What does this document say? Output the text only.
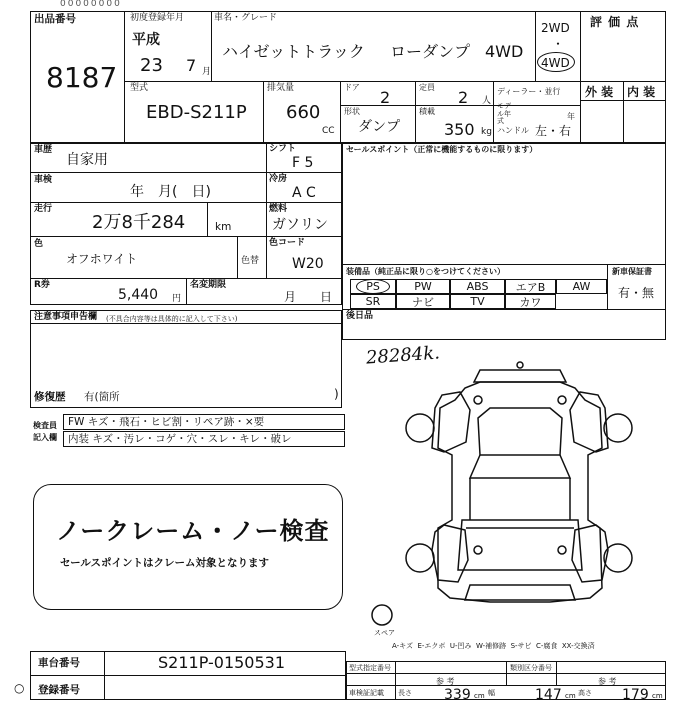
00000000
出品番号
8187
初度登録年月
平成
23 7 月
車名・グレード
ハイゼットトラック ローダンプ 4WD
2WD
・
4WD
評 価 点
外 装 内 装
型式
EBD-S211P
排気量
660
CC
ドア
2
定員
2 人
ディーラー・並行
モデル年式
年
形状
ダンプ
積載
350 kg ハンドル 左・右
車歴
自家用
車検
年　月(　日)
走行
2万8千284	km
色
オフホワイト	色替
シフト
F 5
冷房
A C
燃料
ガソリン
色コード
W20
R券
5,440 円
名変期限
月　　日
セールスポイント（正常に機能するものに限ります）
装備品（純正品に限り○をつけてください）	新車保証書
有・無
PS	PW	ABS	エアB	AW
SR	ナビ	TV	カワ
後日品
注意事項申告欄 (不具合内容等は具体的に記入して下さい)
修復歴 有(箇所	)
検査員
記入欄
FW キズ・飛石・ヒビ割・リペア跡・×要
内装 キズ・汚レ・コゲ・穴・スレ・キレ・破レ
ノークレーム・ノー検査
セールスポイントはクレーム対象となります
28284k.
スペア
A-キズ  E-エクボ  U-凹み  W-補修跡  S-サビ  C-腐食  XX-交換済
車台番号	S211P-0150531
登録番号
○
型式指定番号	類別区分番号
参 考	参 考
車検証記載 長さ 339 cm 幅	147 cm 高さ 179 cm
